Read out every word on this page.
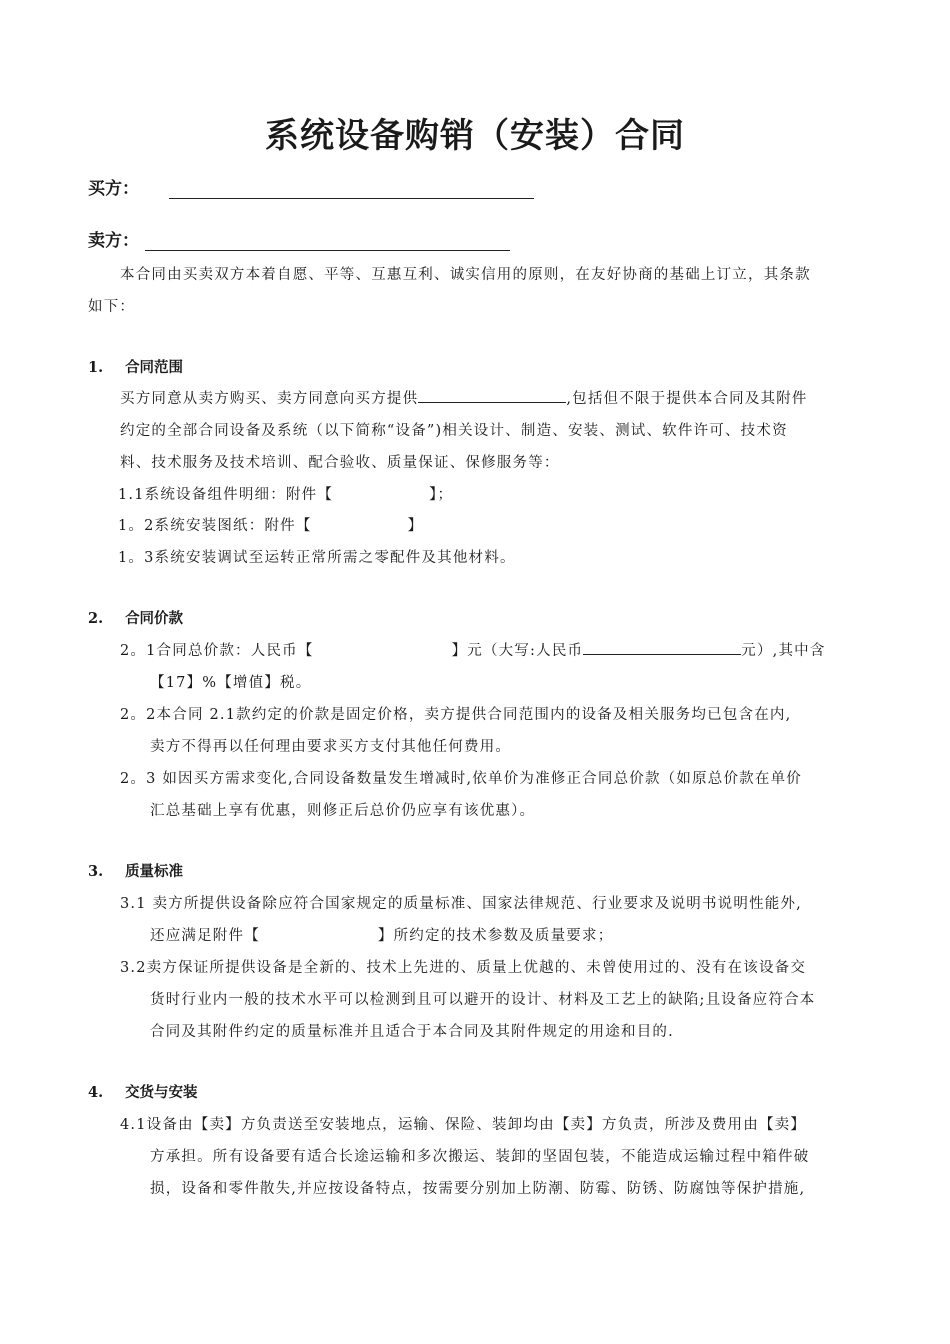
系统设备购销（安装）合同
买方：
卖方：
本合同由买卖双方本着自愿、平等、互惠互利、诚实信用的原则，在友好协商的基础上订立，其条款
如下：
1. 合同范围
买方同意从卖方购买、卖方同意向买方提供	,包括但不限于提供本合同及其附件
约定的全部合同设备及系统（以下简称“设备”)相关设计、制造、安装、测试、软件许可、技术资
料、技术服务及技术培训、配合验收、质量保证、保修服务等：
1.1系统设备组件明细：附件【	】；
1。2系统安装图纸：附件【	】
1。3系统安装调试至运转正常所需之零配件及其他材料。
2. 合同价款
2。1合同总价款：人民币【	】元（大写:人民币	元）,其中含
【17】%【增值】税。
2。2本合同 2.1款约定的价款是固定价格，卖方提供合同范围内的设备及相关服务均已包含在内,
卖方不得再以任何理由要求买方支付其他任何费用。
2。3 如因买方需求变化,合同设备数量发生增减时,依单价为准修正合同总价款（如原总价款在单价
汇总基础上享有优惠，则修正后总价仍应享有该优惠）。
3. 质量标准
3.1 卖方所提供设备除应符合国家规定的质量标准、国家法律规范、行业要求及说明书说明性能外,
还应满足附件【	】所约定的技术参数及质量要求；
3.2卖方保证所提供设备是全新的、技术上先进的、质量上优越的、未曾使用过的、没有在该设备交
货时行业内一般的技术水平可以检测到且可以避开的设计、材料及工艺上的缺陷;且设备应符合本
合同及其附件约定的质量标准并且适合于本合同及其附件规定的用途和目的.
4. 交货与安装
4.1设备由【卖】方负责送至安装地点，运输、保险、装卸均由【卖】方负责，所涉及费用由【卖】
方承担。所有设备要有适合长途运输和多次搬运、装卸的坚固包装，不能造成运输过程中箱件破
损，设备和零件散失,并应按设备特点，按需要分别加上防潮、防霉、防锈、防腐蚀等保护措施,
